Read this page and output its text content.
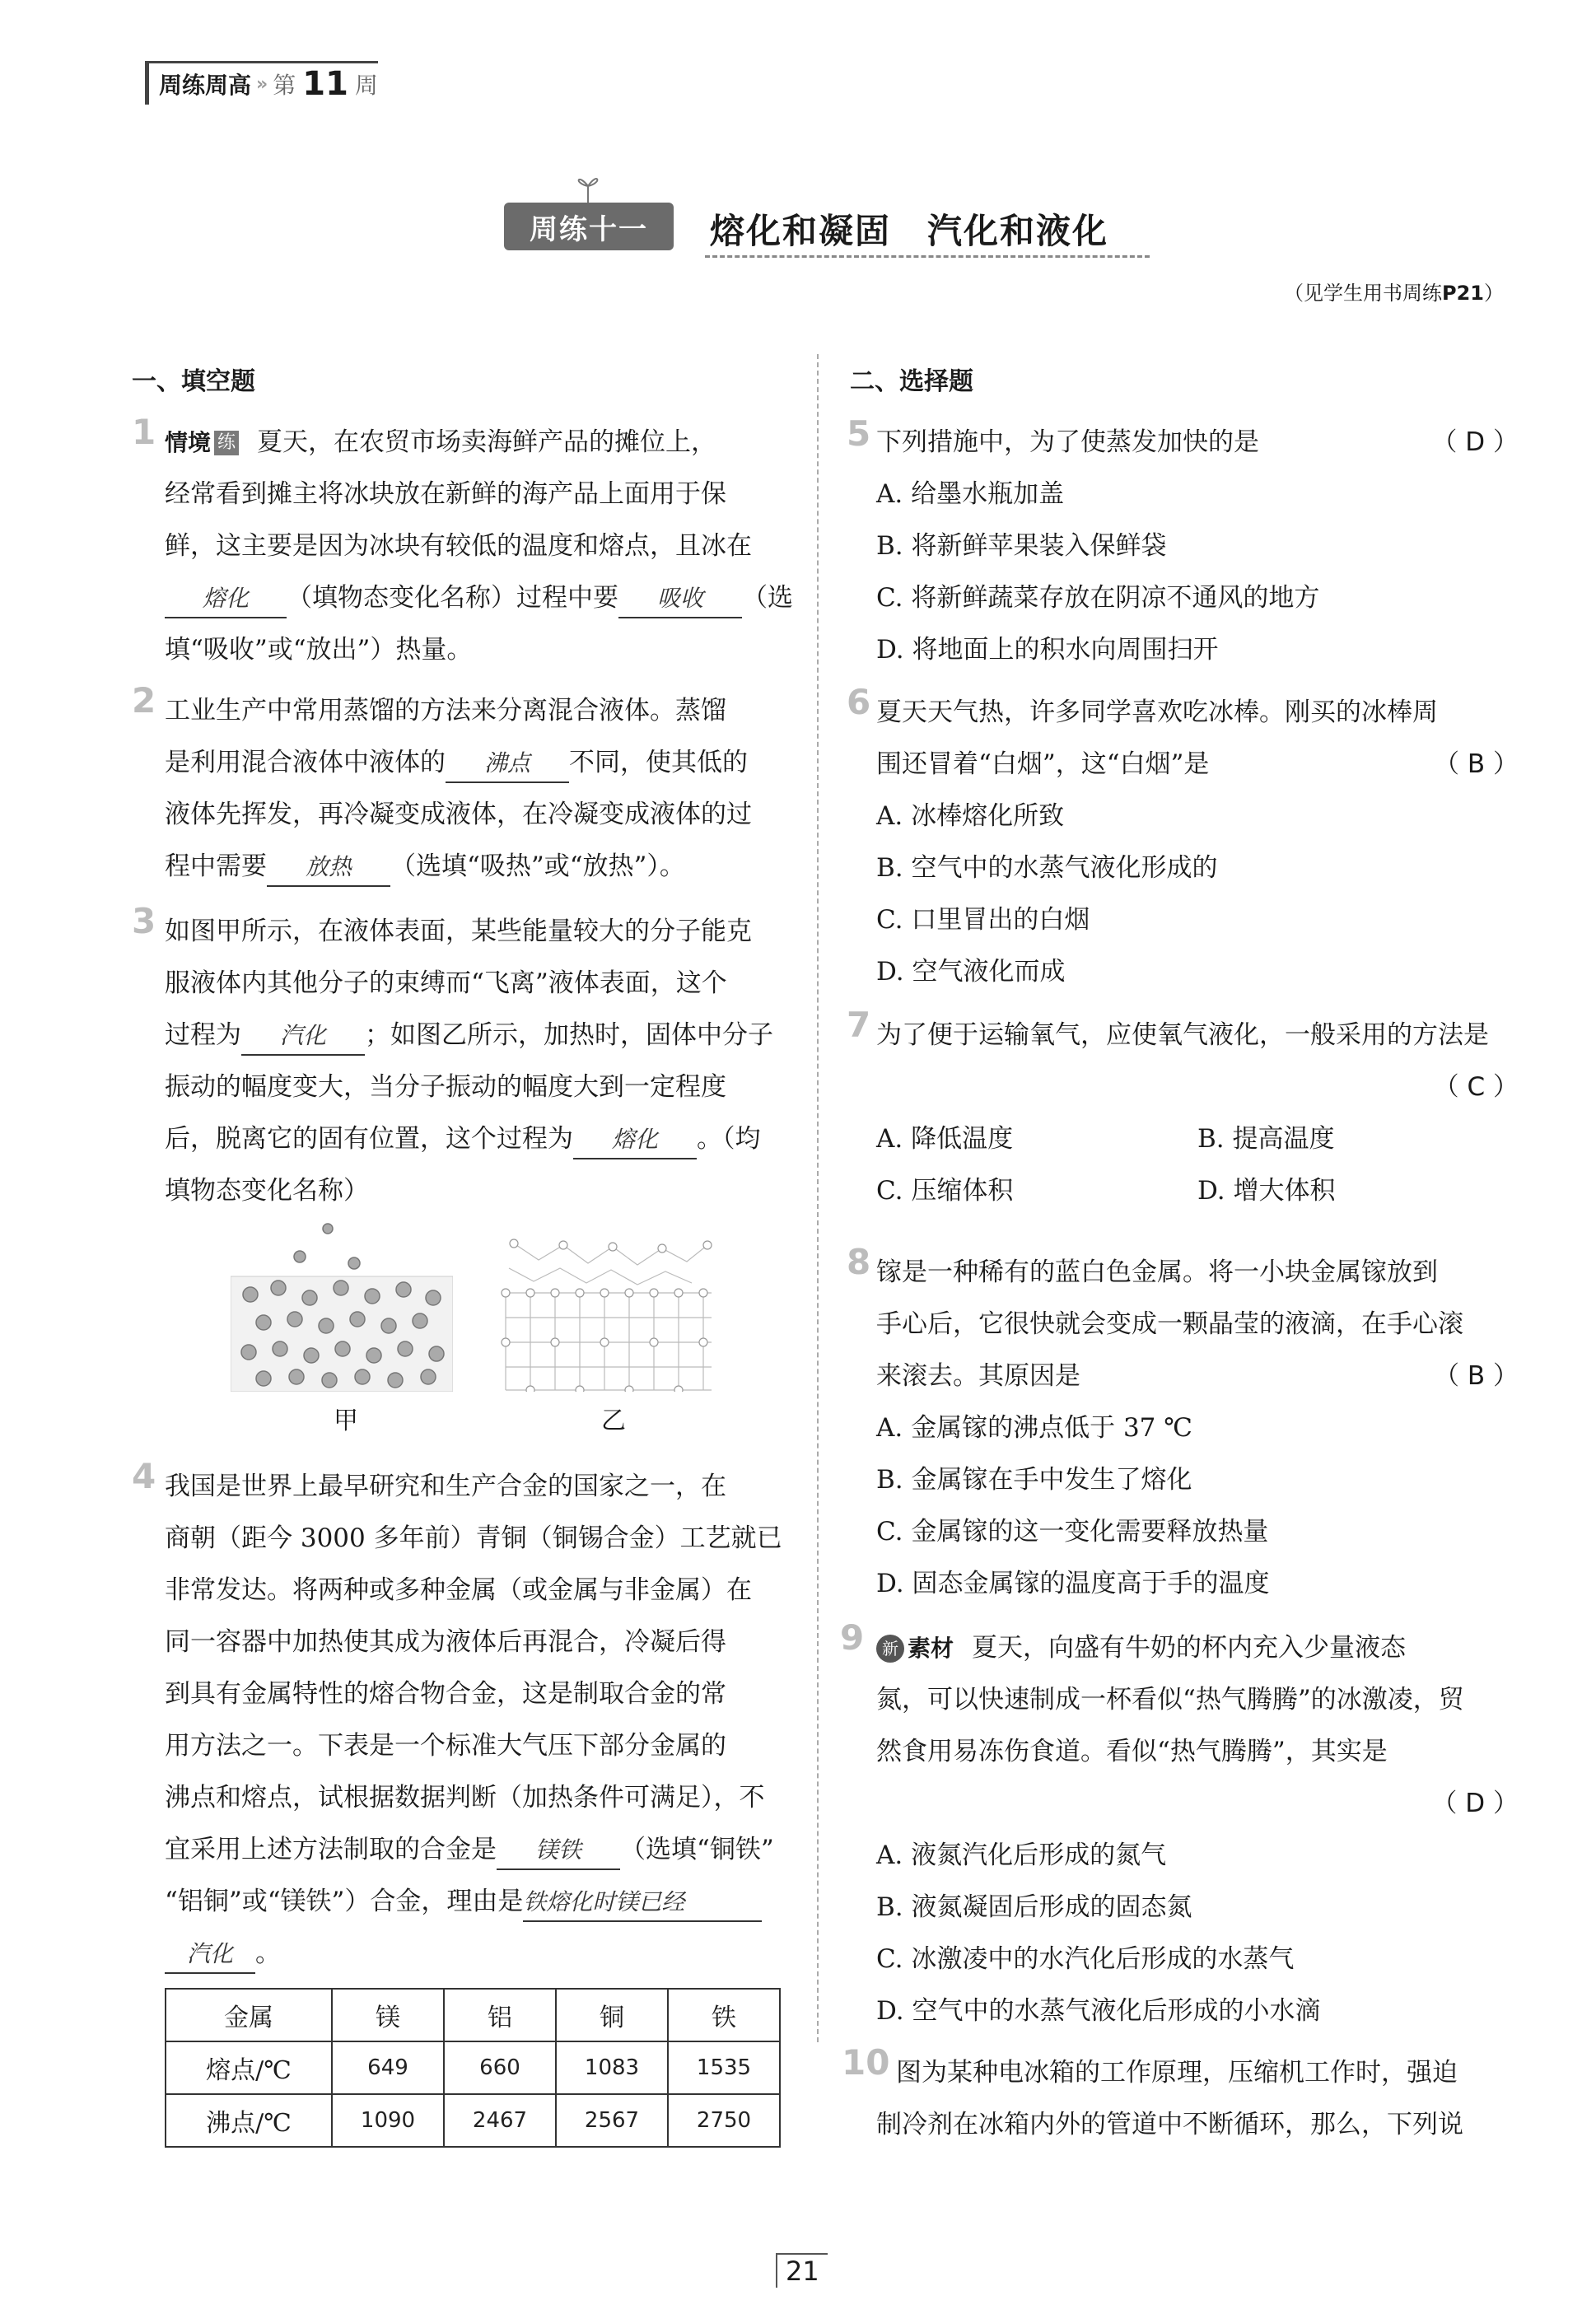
周练周高 » 第 11 周
周练十一	熔化和凝固　汽化和液化
（见学生用书周练P21）
一、填空题
1 情境 练 夏天，在农贸市场卖海鲜产品的摊位上，
经常看到摊主将冰块放在新鲜的海产品上面用于保
鲜，这主要是因为冰块有较低的温度和熔点，且冰在
熔化 （填物态变化名称）过程中要 吸收 （选
填“吸收”或“放出”）热量。
2 工业生产中常用蒸馏的方法来分离混合液体。蒸馏
是利用混合液体中液体的 沸点 不同，使其低的
液体先挥发，再冷凝变成液体，在冷凝变成液体的过
程中需要 放热 （选填“吸热”或“放热”）。
3 如图甲所示，在液体表面，某些能量较大的分子能克
服液体内其他分子的束缚而“飞离”液体表面，这个
过程为 汽化 ；如图乙所示，加热时，固体中分子
振动的幅度变大，当分子振动的幅度大到一定程度
后，脱离它的固有位置，这个过程为 熔化 。（均
填物态变化名称）
甲	乙
4 我国是世界上最早研究和生产合金的国家之一，在
商朝（距今 3000 多年前）青铜（铜锡合金）工艺就已
非常发达。将两种或多种金属（或金属与非金属）在
同一容器中加热使其成为液体后再混合，冷凝后得
到具有金属特性的熔合物合金，这是制取合金的常
用方法之一。下表是一个标准大气压下部分金属的
沸点和熔点，试根据数据判断（加热条件可满足），不
宜采用上述方法制取的合金是 镁铁 （选填“铜铁”
“铝铜”或“镁铁”）合金，理由是铁熔化时镁已经
汽化 。
金属	镁	铝	铜	铁
熔点/℃	649	660	1083	1535
沸点/℃	1090	2467	2567	2750
二、选择题
5 下列措施中，为了使蒸发加快的是	（ D ）
A. 给墨水瓶加盖
B. 将新鲜苹果装入保鲜袋
C. 将新鲜蔬菜存放在阴凉不通风的地方
D. 将地面上的积水向周围扫开
6 夏天天气热，许多同学喜欢吃冰棒。刚买的冰棒周
围还冒着“白烟”，这“白烟”是	（ B ）
A. 冰棒熔化所致
B. 空气中的水蒸气液化形成的
C. 口里冒出的白烟
D. 空气液化而成
7 为了便于运输氧气，应使氧气液化，一般采用的方法是
（ C ）
A. 降低温度	B. 提高温度
C. 压缩体积	D. 增大体积
8 镓是一种稀有的蓝白色金属。将一小块金属镓放到
手心后，它很快就会变成一颗晶莹的液滴，在手心滚
来滚去。其原因是	（ B ）
A. 金属镓的沸点低于 37 ℃
B. 金属镓在手中发生了熔化
C. 金属镓的这一变化需要释放热量
D. 固态金属镓的温度高于手的温度
9	新 素材 夏天，向盛有牛奶的杯内充入少量液态
氮，可以快速制成一杯看似“热气腾腾”的冰激凌，贸
然食用易冻伤食道。看似“热气腾腾”，其实是
（ D ）
A. 液氮汽化后形成的氮气
B. 液氮凝固后形成的固态氮
C. 冰激凌中的水汽化后形成的水蒸气
D. 空气中的水蒸气液化后形成的小水滴
10 图为某种电冰箱的工作原理，压缩机工作时，强迫
制冷剂在冰箱内外的管道中不断循环，那么，下列说
21
